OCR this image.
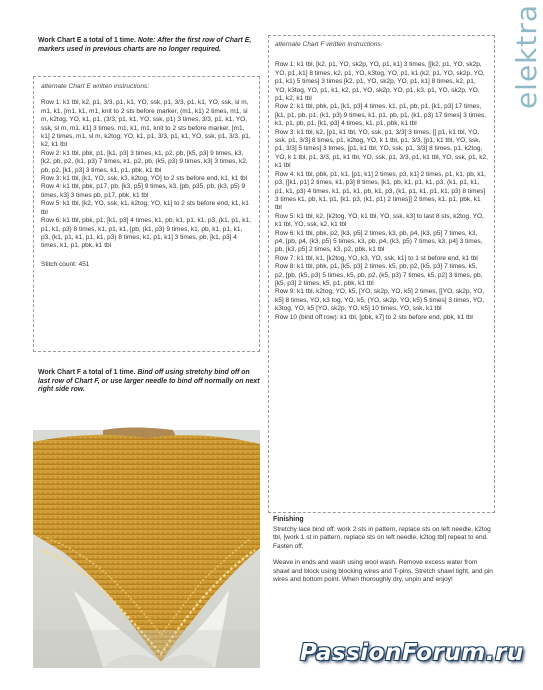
elektra
Work Chart E a total of 1 time. Note: After the first row of Chart E, markers used in previous charts are no longer required.
alternate Chart E written instructions:

Row 1: k1 tbl, k2, p1, 3/3, p1, k1, YO, ssk, p1, 3/3, p1, k1, YO, ssk, sl m, m1, k1, [m1, k1, m1, knit to 2 sts before marker, (m1, k1) 2 times, m1, sl m, k2tog, YO, k1, p1, (3/3, p1, k1, YO, ssk, p1) 3 times, 3/3, p1, k1, YO, ssk, sl m, m1, k1] 3 times, m1, k1, m1, knit to 2 sts before marker, [m1, k1] 2 times, m1, sl m, k2tog, YO, k1, p1, 3/3, p1, k1, YO, ssk, p1, 3/3, p1, k2, k1 tbl

Row 2: k1 tbl, pbk, p1, [k1, p3] 3 times, k1, p2, pb, [k5, p3] 9 times, k3, [k2, pb, p2, (k1, p3) 7 times, k1, p2, pb, (k5, p3) 9 times, k3] 3 times, k2, pb, p2, [k1, p3] 3 times, k1, p1, pbk, k1 tbl

Row 3: k1 tbl, [k1, YO, ssk, k3, k2tog, YO] to 2 sts before end, k1, k1 tbl

Row 4: k1 tbl, pbk, p17, pb, [k3, p5] 9 times, k3, [pb, p35, pb, (k3, p5) 9 times, k3] 3 times pb, p17, pbk, k1 tbl

Row 5: k1 tbl, [k2, YO, ssk, k1, k2tog, YO, k1] to 2 sts before end, k1, k1 tbl

Row 6: k1 tbl, pbk, p1, [k1, p3] 4 times, k1, pb, k1, p1, k1, p3, (k1, p1, k1, p1, k1, p3) 8 times, k1, p1, k1, [pb, (k1, p3) 9 times, k1, pb, k1, p1, k1, p3, (k1, p1, k1, p1, k1, p3) 8 times, k1, p1, k1] 3 times, pb, [k1, p3] 4 times, k1, p1, pbk, k1 tbl

Stitch count: 451

Work Chart F a total of 1 time. Bind off using stretchy bind off on last row of Chart F, or use larger needle to bind off normally on next right side row.
alternate Chart F written instructions:

Row 1: k1 tbl, [k2, p1, YO, sk2p, YO, p1, k1] 3 times, [[k2, p1, YO, sk2p, YO, p1, k1] 8 times, k2, p1, YO, k3tog, YO, p1, k1 (k2, p1, YO, sk2p, YO, p1, k1) 5 times] 3 times [k2, p1, YO, sk2p, YO, p1, k1] 8 times, k2, p1, YO, k3tog, YO, p1, k1, k2, p1, YO, sk2p, YO, p1, k3, p1, YO, sk2p, YO, p1, k2, k1 tbl

Row 2: k1 tbl, pbk, p1, [k1, p3] 4 times, k1, p1, pb, p1, [k1, p3] 17 times, [k1, p1, pb, p1, (k1, p3) 9 times, k1, p1, pb, p1, (k1, p3) 17 times] 3 times, k1, p1, pb, p1, [k1, p3] 4 times, k1, p1, pbk, k1 tbl

Row 3: k1 tbl, k2, [p1, k1 tbl, YO, ssk, p1, 3/3] 3 times, [[ p1, k1 tbl, YO, ssk, p1, 3/3] 8 times, p1, k2tog, YO, k 1 tbl, p1, 3/3, [p1, k1 tbl, YO, ssk, p1, 3/3] 5 times] 3 times, [p1, k1 tbl, YO, ssk, p1, 3/3] 8 times, p1, k2tog, YO, k 1 tbl, p1, 3/3, p1, k1 tbl, YO, ssk, p1, 3/3, p1, k1 tbl, YO, ssk, p1, k2, k1 tbl

Row 4: k1 tbl, pbk, p1, k1, [p1, k1] 2 times, p3, k1] 2 times, p1, k1, pb, k1, p3, [[k1, p1] 2 times, k1, p3] 8 times, [k1, pb, k1, p1, k1, p3, (k1, p1, k1, p1, k1, p3) 4 times, k1, p1, k1, pb, k1, p3, (k1, p1, k1, p1, k1, p3) 8 times] 3 times k1, pb, k1, p1, [k1, p3, (k1, p1) 2 times]] 2 times, k1, p1, pbk, k1 tbl

Row 5: k1 tbl, k2, [k2tog, YO, k1 tbl, YO, ssk, k3] to last 8 sts, k2tog, YO, k1 tbl, YO, ssk, k2, k1 tbl

Row 6: k1 tbl, pbk, p2, [k3, p5] 2 times, k3, pb, p4, [k3, p5] 7 times, k3, p4, [pb, p4, (k3, p5) 5 times, k3, pb, p4, (k3, p5) 7 times, k3, p4] 3 times, pb, [k3, p5] 2 times, k3, p2, pbk, k1 tbl

Row 7: k1 tbl, k1, [k2tog, YO, k3, YO, ssk, k1] to 1 st before end, k1 tbl

Row 8: k1 tbl, pbk, p1, [k5, p3] 2 times, k5, pb, p2, [k5, p3] 7 times, k5, p2, [pb, (k5, p3) 5 times, k5, pb, p2, (k5, p3) 7 times, k5, p2] 3 times, pb, [k5, p3] 2 times, k5, p1, pbk, k1 tbl

Row 9: k1 tbl, k2tog, YO, k5, [YO, sk2p, YO, k5] 2 times, [[YO, sk2p, YO, k5] 8 times, YO, k3 tog, YO, k5, (YO, sk2p, YO, k5) 5 times] 3 times, YO, k3tog, YO, k5 [YO, sk2p, YO, k5] 10 times, YO, ssk, k1 tbl

Row 10 (bind off row): k1 tbl, [pbk, k7] to 2 sts before end, pbk, k1 tbl

Finishing

Stretchy lace bind off: work 2 sts in pattern, replace sts on left needle, k2tog tbl, [work 1 st in pattern, replace sts on left needle, k2tog tbl] repeat to end. Fasten off.

Weave in ends and wash using wool wash. Remove excess water from shawl and block using blocking wires and T-pins. Stretch shawl tight, and pin wires and bottom point. When thoroughly dry, unpin and enjoy!

PassionForum.ru
